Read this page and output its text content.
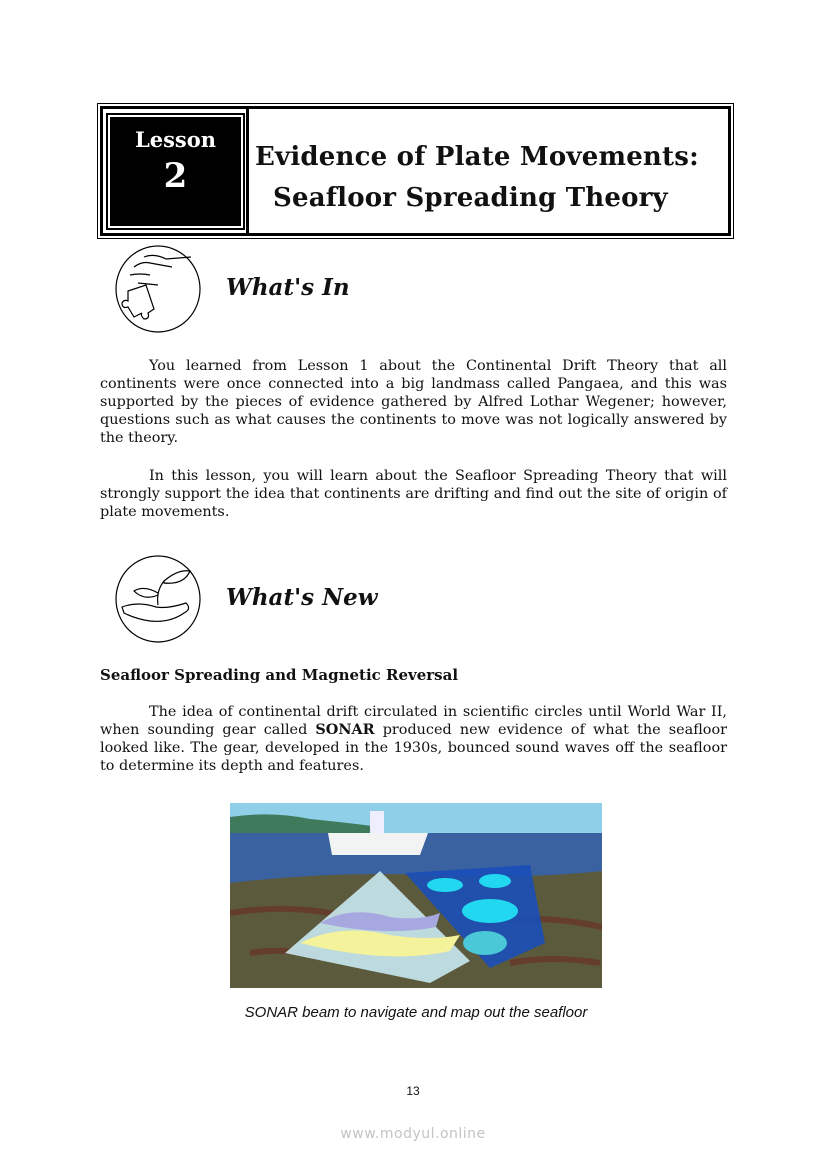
Lesson
2	Evidence of Plate Movements:
Seafloor Spreading Theory
What's In

You learned from Lesson 1 about the Continental Drift Theory that all continents were once connected into a big landmass called Pangaea, and this was supported by the pieces of evidence gathered by Alfred Lothar Wegener; however, questions such as what causes the continents to move was not logically answered by the theory.

In this lesson, you will learn about the Seafloor Spreading Theory that will strongly support the idea that continents are drifting and find out the site of origin of plate movements.

What's New
Seafloor Spreading and Magnetic Reversal

The idea of continental drift circulated in scientific circles until World War II, when sounding gear called SONAR produced new evidence of what the seafloor looked like. The gear, developed in the 1930s, bounced sound waves off the seafloor to determine its depth and features.

SONAR beam to navigate and map out the seafloor
13
www.modyul.online
